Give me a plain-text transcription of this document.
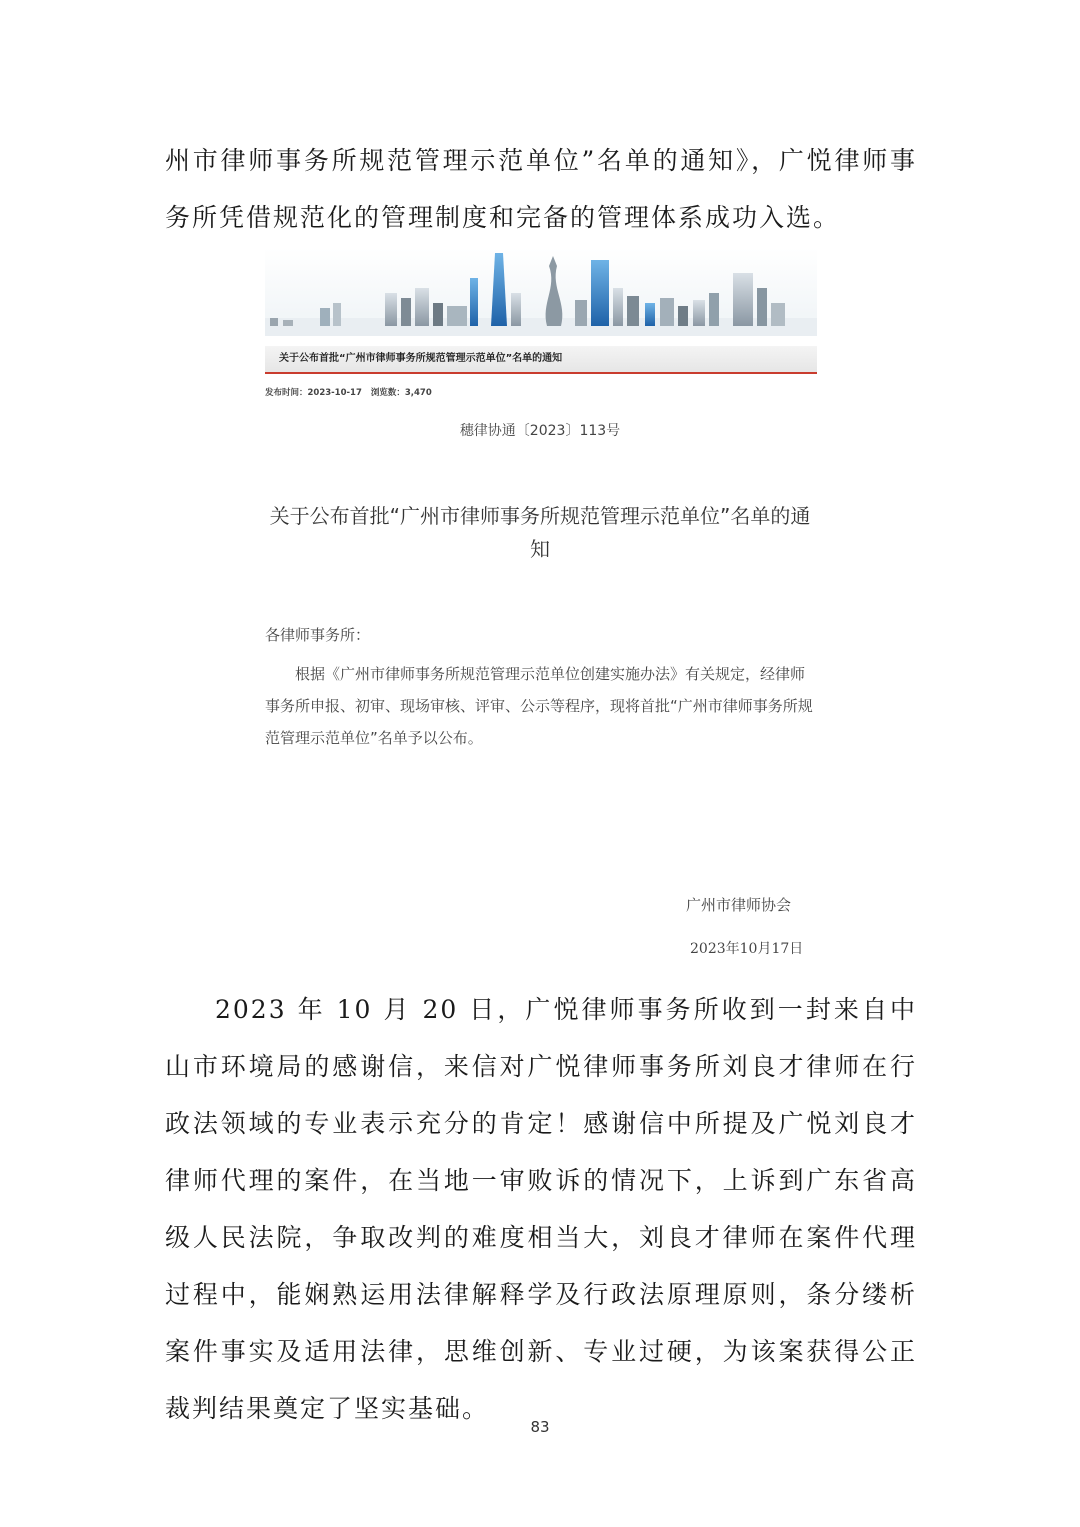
州市律师事务所规范管理示范单位”名单的通知》，广悦律师事务所凭借规范化的管理制度和完备的管理体系成功入选。

关于公布首批“广州市律师事务所规范管理示范单位”名单的通知
发布时间：2023-10-17 浏览数：3,470
穗律协通〔2023〕113号
关于公布首批“广州市律师事务所规范管理示范单位”名单的通知
各律师事务所：

根据《广州市律师事务所规范管理示范单位创建实施办法》有关规定，经律师事务所申报、初审、现场审核、评审、公示等程序，现将首批“广州市律师事务所规范管理示范单位”名单予以公布。

广州市律师协会
2023年10月17日

2023 年 10 月 20 日，广悦律师事务所收到一封来自中山市环境局的感谢信，来信对广悦律师事务所刘良才律师在行政法领域的专业表示充分的肯定！感谢信中所提及广悦刘良才律师代理的案件，在当地一审败诉的情况下，上诉到广东省高级人民法院，争取改判的难度相当大，刘良才律师在案件代理过程中，能娴熟运用法律解释学及行政法原理原则，条分缕析案件事实及适用法律，思维创新、专业过硬，为该案获得公正裁判结果奠定了坚实基础。

83
